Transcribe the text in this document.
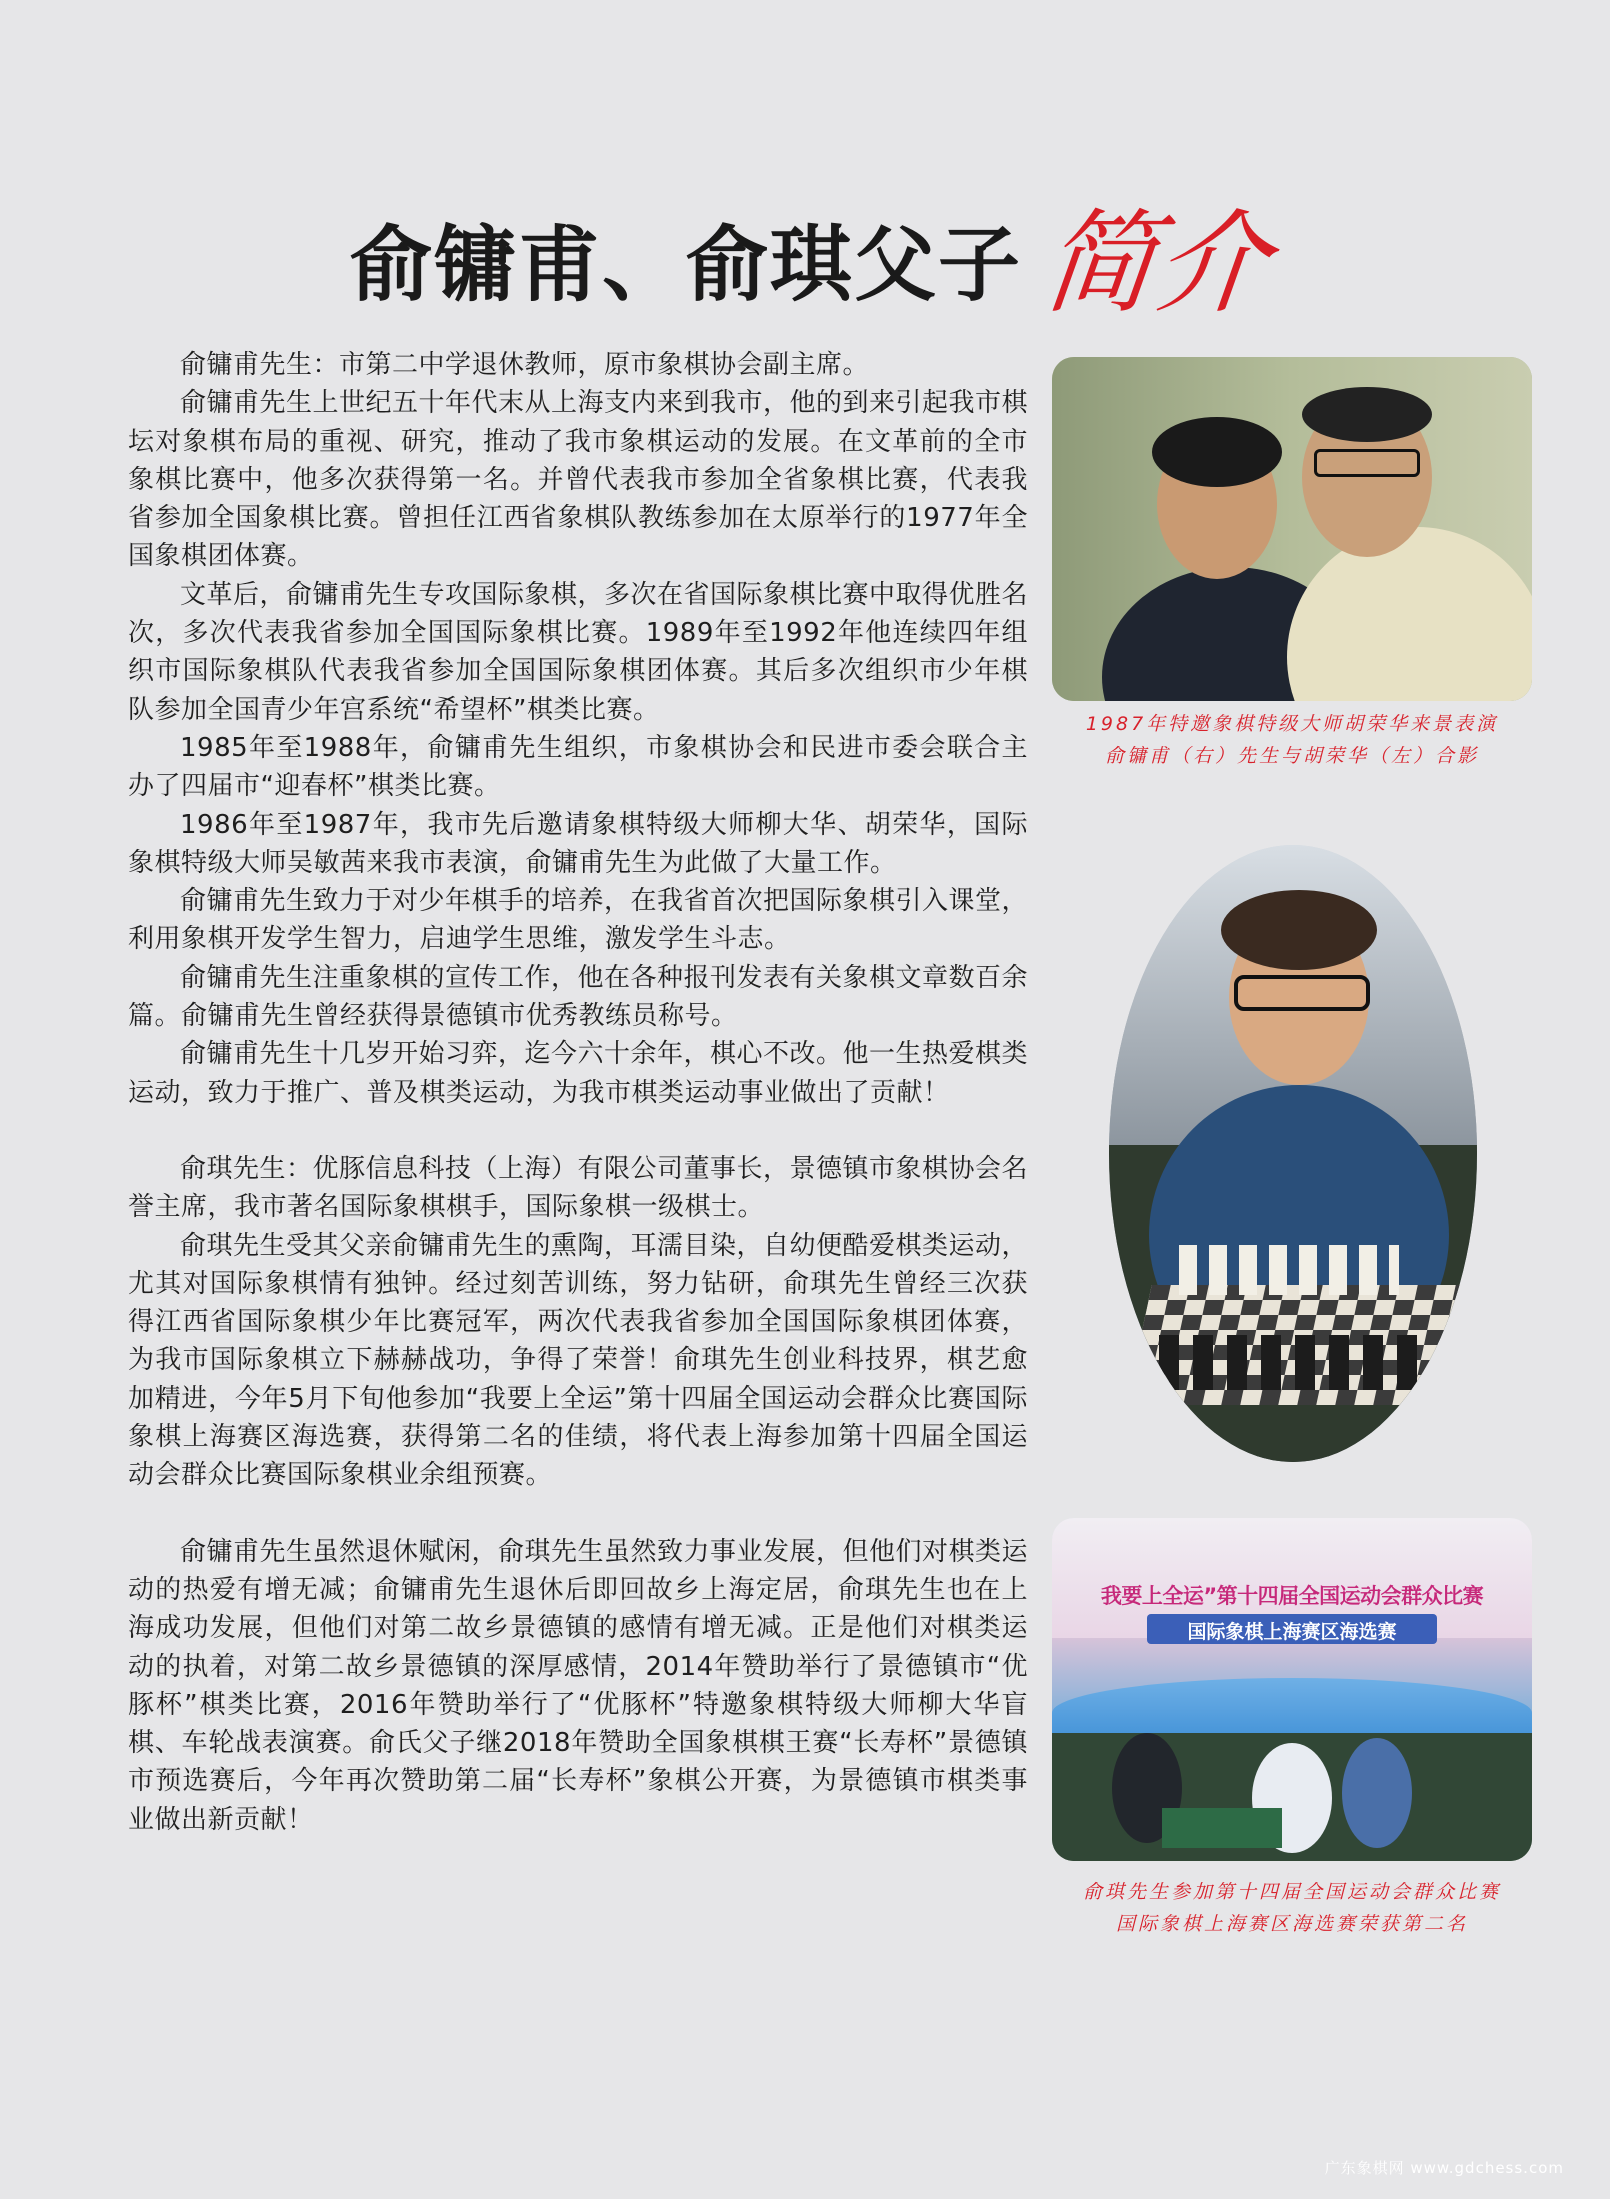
俞镛甫、俞琪父子 简介

俞镛甫先生：市第二中学退休教师，原市象棋协会副主席。

俞镛甫先生上世纪五十年代末从上海支内来到我市，他的到来引起我市棋坛对象棋布局的重视、研究，推动了我市象棋运动的发展。在文革前的全市象棋比赛中，他多次获得第一名。并曾代表我市参加全省象棋比赛，代表我省参加全国象棋比赛。曾担任江西省象棋队教练参加在太原举行的1977年全国象棋团体赛。

文革后，俞镛甫先生专攻国际象棋，多次在省国际象棋比赛中取得优胜名次，多次代表我省参加全国国际象棋比赛。1989年至1992年他连续四年组织市国际象棋队代表我省参加全国国际象棋团体赛。其后多次组织市少年棋队参加全国青少年宫系统“希望杯”棋类比赛。

1985年至1988年，俞镛甫先生组织，市象棋协会和民进市委会联合主办了四届市“迎春杯”棋类比赛。

1986年至1987年，我市先后邀请象棋特级大师柳大华、胡荣华，国际象棋特级大师吴敏茜来我市表演，俞镛甫先生为此做了大量工作。

俞镛甫先生致力于对少年棋手的培养，在我省首次把国际象棋引入课堂，利用象棋开发学生智力，启迪学生思维，激发学生斗志。

俞镛甫先生注重象棋的宣传工作，他在各种报刊发表有关象棋文章数百余篇。俞镛甫先生曾经获得景德镇市优秀教练员称号。

俞镛甫先生十几岁开始习弈，迄今六十余年，棋心不改。他一生热爱棋类运动，致力于推广、普及棋类运动，为我市棋类运动事业做出了贡献！

俞琪先生：优豚信息科技（上海）有限公司董事长，景德镇市象棋协会名誉主席，我市著名国际象棋棋手，国际象棋一级棋士。

俞琪先生受其父亲俞镛甫先生的熏陶，耳濡目染，自幼便酷爱棋类运动，尤其对国际象棋情有独钟。经过刻苦训练，努力钻研，俞琪先生曾经三次获得江西省国际象棋少年比赛冠军，两次代表我省参加全国国际象棋团体赛，为我市国际象棋立下赫赫战功，争得了荣誉！俞琪先生创业科技界，棋艺愈加精进，今年5月下旬他参加“我要上全运”第十四届全国运动会群众比赛国际象棋上海赛区海选赛，获得第二名的佳绩，将代表上海参加第十四届全国运动会群众比赛国际象棋业余组预赛。

俞镛甫先生虽然退休赋闲，俞琪先生虽然致力事业发展，但他们对棋类运动的热爱有增无减；俞镛甫先生退休后即回故乡上海定居，俞琪先生也在上海成功发展，但他们对第二故乡景德镇的感情有增无减。正是他们对棋类运动的执着，对第二故乡景德镇的深厚感情，2014年赞助举行了景德镇市“优豚杯”棋类比赛，2016年赞助举行了“优豚杯”特邀象棋特级大师柳大华盲棋、车轮战表演赛。俞氏父子继2018年赞助全国象棋棋王赛“长寿杯”景德镇市预选赛后，今年再次赞助第二届“长寿杯”象棋公开赛，为景德镇市棋类事业做出新贡献！

1987年特邀象棋特级大师胡荣华来景表演
俞镛甫（右）先生与胡荣华（左）合影
我要上全运”第十四届全国运动会群众比赛
国际象棋上海赛区海选赛
俞琪先生参加第十四届全国运动会群众比赛
国际象棋上海赛区海选赛荣获第二名
广东象棋网 www.gdchess.com
